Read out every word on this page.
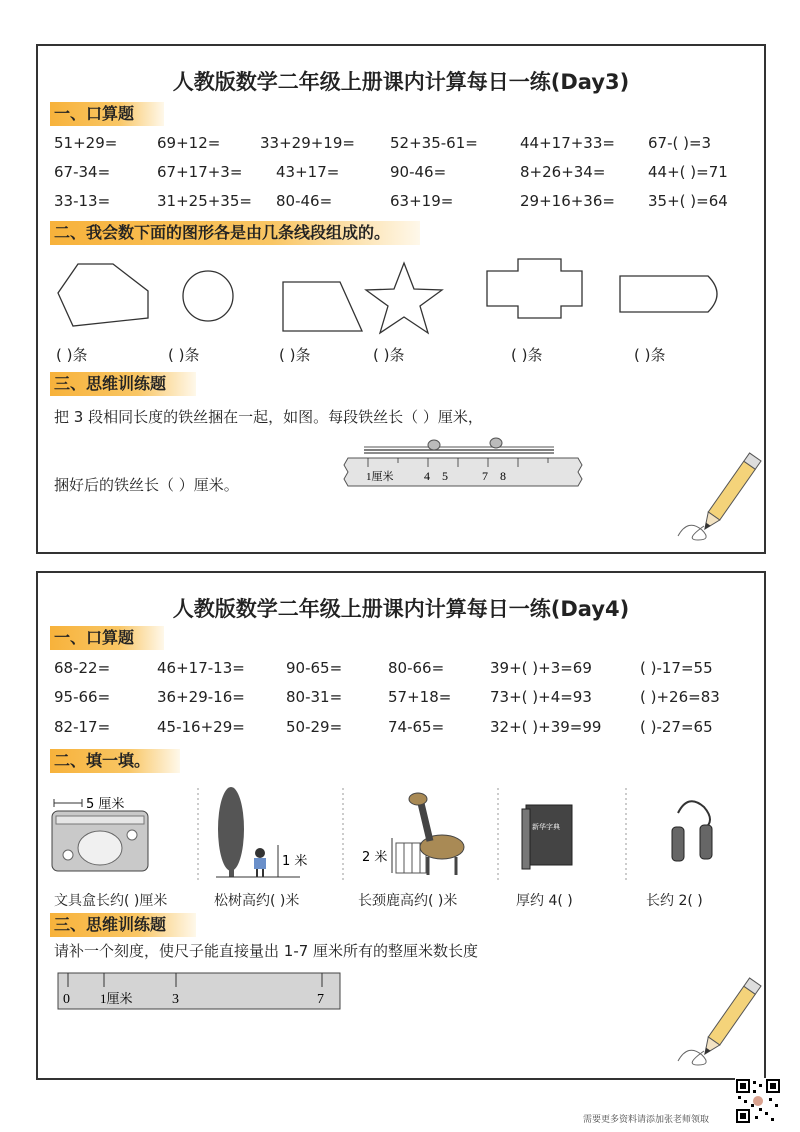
人教版数学二年级上册课内计算每日一练(Day3)
一、口算题
51+29=	69+12=	33+29+19= 52+35-61=	44+17+33= 67-( )=3
67-34=	67+17+3= 43+17=	90-46=	8+26+34=	44+( )=71
33-13=	31+25+35= 80-46=	63+19=	29+16+36= 35+( )=64
二、我会数下面的图形各是由几条线段组成的。
( )条	( )条	( )条	( )条	( )条	( )条
三、思维训练题
把 3 段相同长度的铁丝捆在一起，如图。每段铁丝长（ ）厘米，
捆好后的铁丝长（ ）厘米。	1厘米	4 5	7 8
人教版数学二年级上册课内计算每日一练(Day4)
一、口算题
68-22=	46+17-13=	90-65=	80-66=	39+( )+3=69	( )-17=55
95-66=	36+29-16=	80-31=	57+18=	73+( )+4=93	( )+26=83
82-17=	45-16+29=	50-29=	74-65=	32+( )+39=99	( )-27=65
二、填一填。
5 厘米
1 米	2 米
新华字典
文具盒长约( )厘米	松树高约( )米	长颈鹿高约( )米	厚约 4( )	长约 2( )
三、思维训练题
请补一个刻度，使尺子能直接量出 1-7 厘米所有的整厘米数长度
0 1厘米	3	7
需要更多资料请添加张老师领取
